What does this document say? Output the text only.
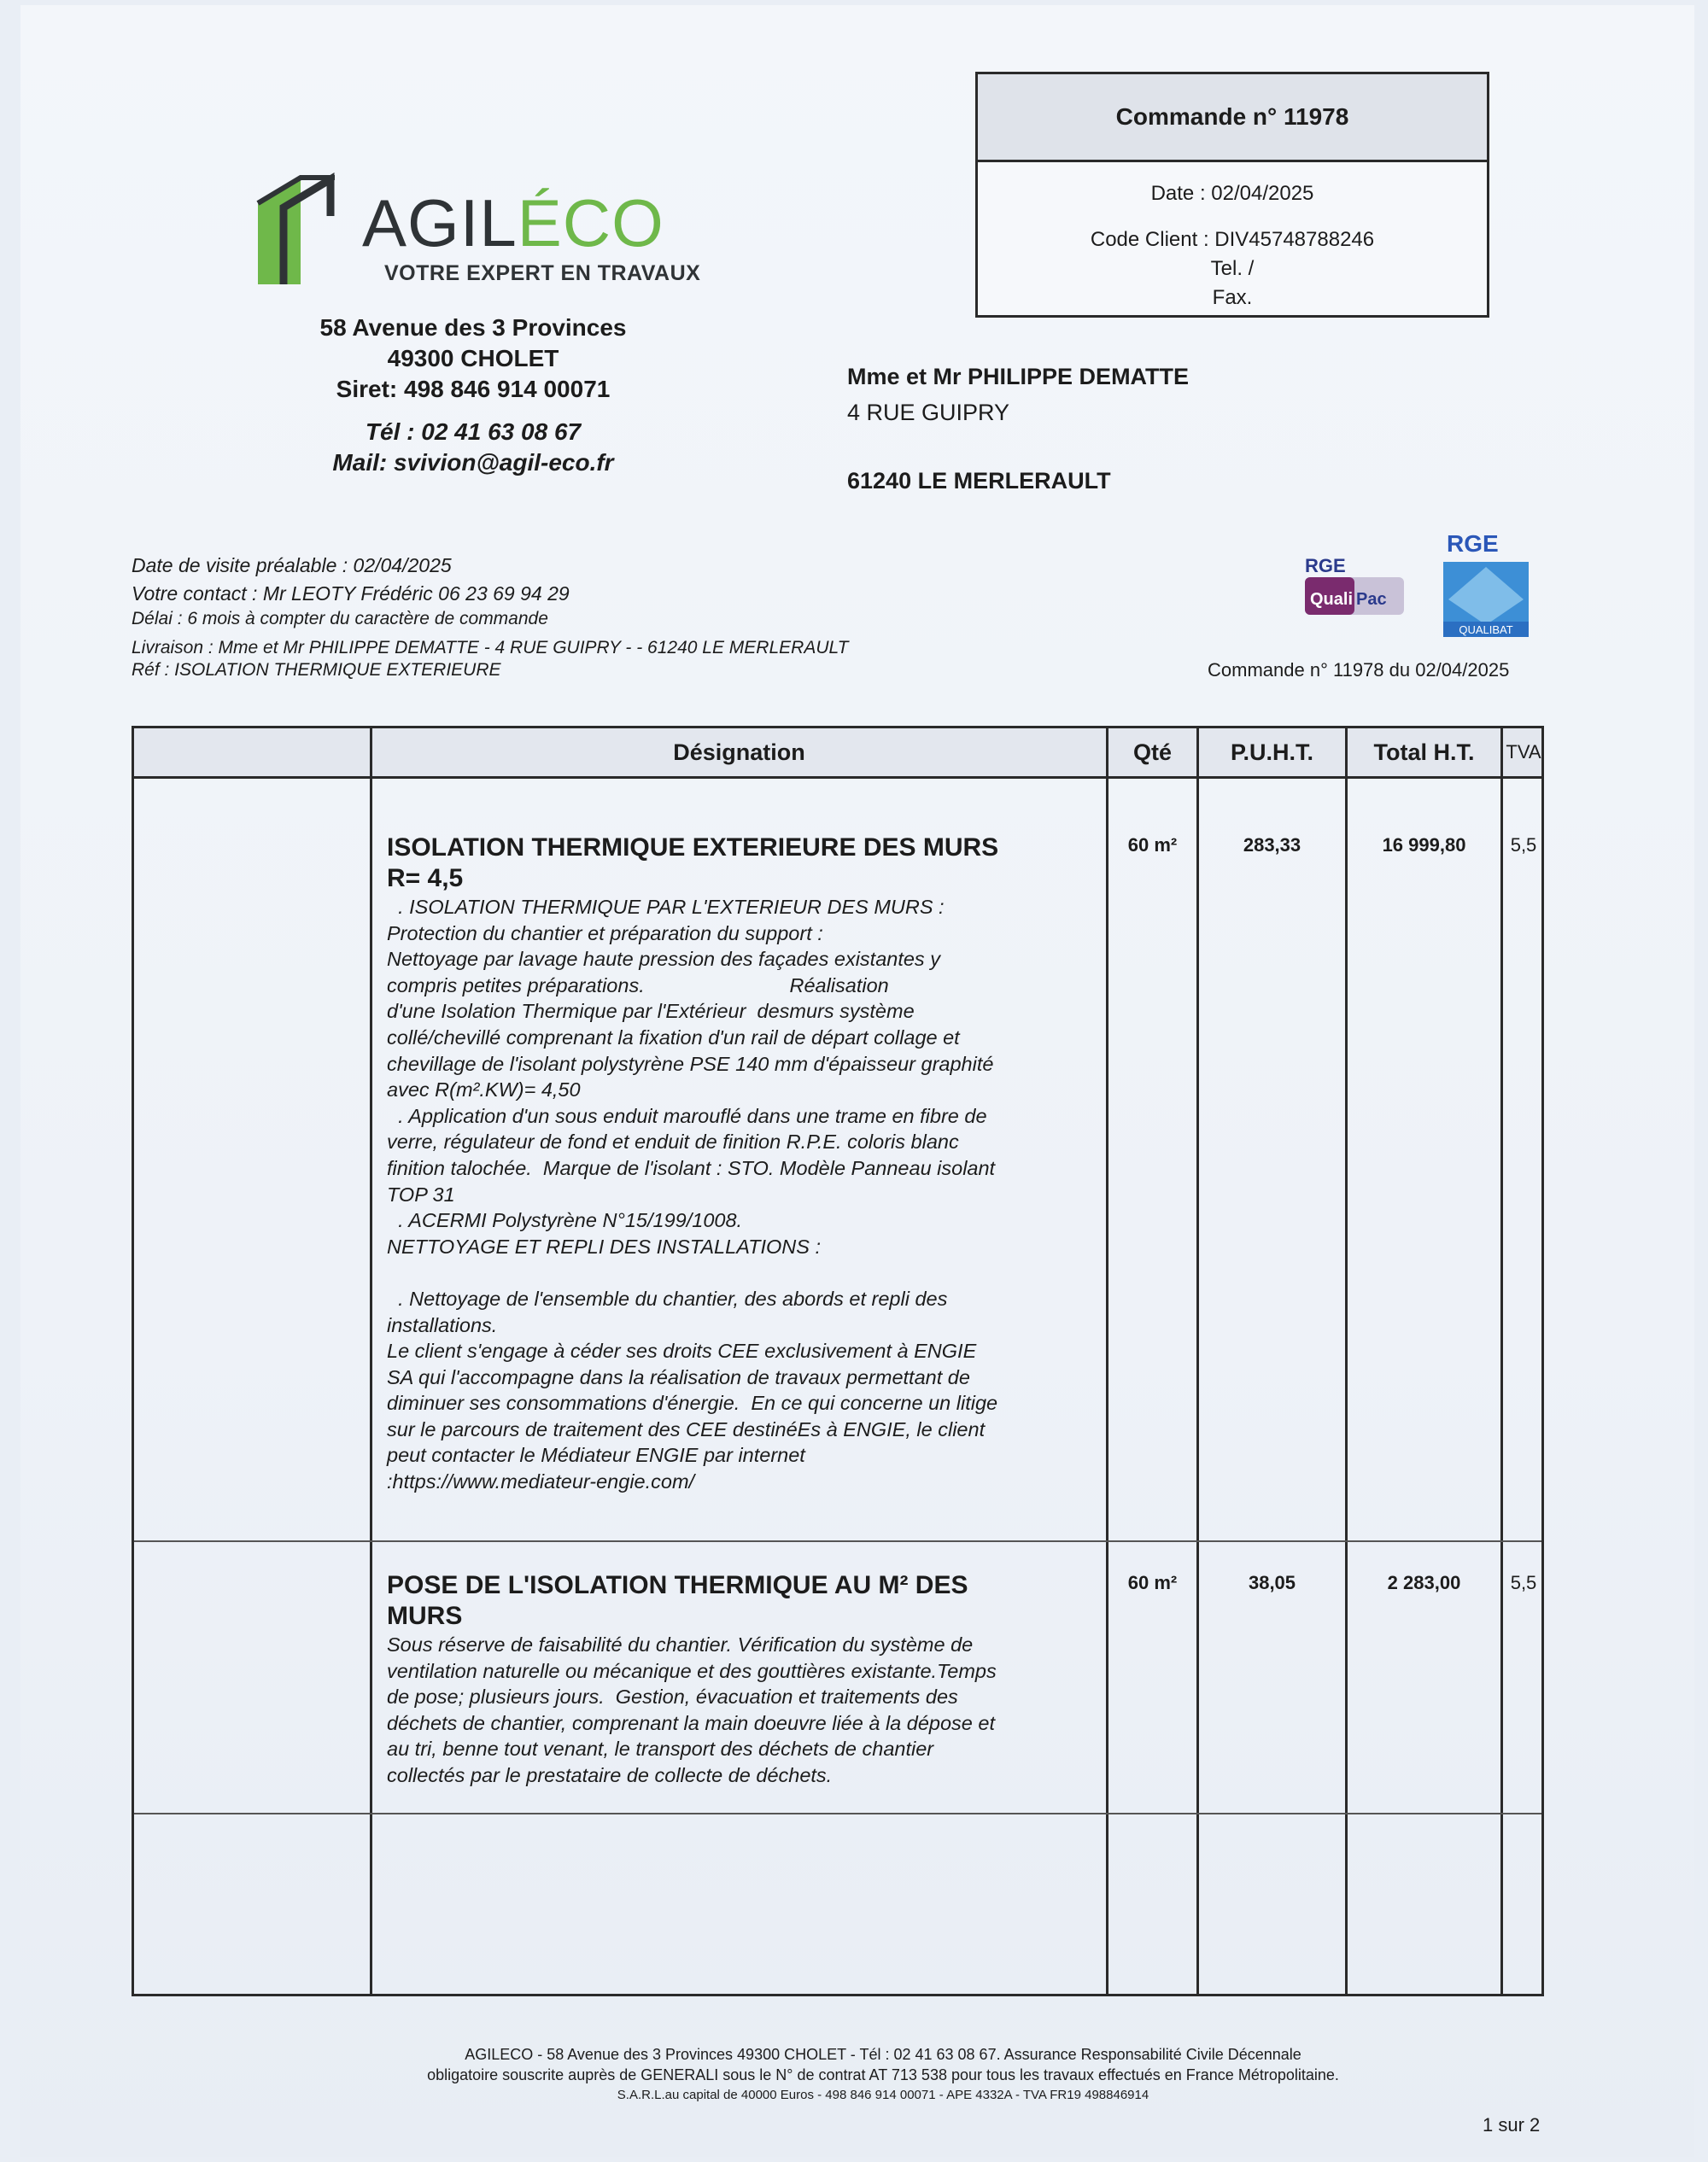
AGILÉCO
VOTRE EXPERT EN TRAVAUX
58 Avenue des 3 Provinces
49300 CHOLET
Siret: 498 846 914 00071
Tél : 02 41 63 08 67
Mail: svivion@agil-eco.fr
Commande n° 11978
Date : 02/04/2025
Code Client : DIV45748788246
Tel. /
Fax.
Mme et Mr PHILIPPE DEMATTE
4 RUE GUIPRY
61240 LE MERLERAULT
Date de visite préalable : 02/04/2025
Votre contact : Mr LEOTY Frédéric 06 23 69 94 29
Délai : 6 mois à compter du caractère de commande
Livraison : Mme et Mr PHILIPPE DEMATTE - 4 RUE GUIPRY - - 61240 LE MERLERAULT
Réf : ISOLATION THERMIQUE EXTERIEURE
RGE
Quali Pac
RGE
QUALIBAT
Commande n° 11978 du 02/04/2025
Désignation	Qté	P.U.H.T.	Total H.T.	TVA
ISOLATION THERMIQUE EXTERIEURE DES MURS
R= 4,5
. ISOLATION THERMIQUE PAR L'EXTERIEUR DES MURS :
Protection du chantier et préparation du support :
Nettoyage par lavage haute pression des façades existantes y
compris petites préparations.                          Réalisation
d'une Isolation Thermique par l'Extérieur  desmurs système
collé/chevillé comprenant la fixation d'un rail de départ collage et
chevillage de l'isolant polystyrène PSE 140 mm d'épaisseur graphité
avec R(m².KW)= 4,50
. Application d'un sous enduit marouflé dans une trame en fibre de
verre, régulateur de fond et enduit de finition R.P.E. coloris blanc
finition talochée.  Marque de l'isolant : STO. Modèle Panneau isolant
TOP 31
. ACERMI Polystyrène N°15/199/1008.
NETTOYAGE ET REPLI DES INSTALLATIONS :

. Nettoyage de l'ensemble du chantier, des abords et repli des
installations.
Le client s'engage à céder ses droits CEE exclusivement à ENGIE
SA qui l'accompagne dans la réalisation de travaux permettant de
diminuer ses consommations d'énergie.  En ce qui concerne un litige
sur le parcours de traitement des CEE destinéEs à ENGIE, le client
peut contacter le Médiateur ENGIE par internet
:https://www.mediateur-engie.com/
60 m²	283,33	16 999,80	5,5
POSE DE L'ISOLATION THERMIQUE AU M² DES
MURS
Sous réserve de faisabilité du chantier. Vérification du système de
ventilation naturelle ou mécanique et des gouttières existante.Temps
de pose; plusieurs jours.  Gestion, évacuation et traitements des
déchets de chantier, comprenant la main doeuvre liée à la dépose et
au tri, benne tout venant, le transport des déchets de chantier
collectés par le prestataire de collecte de déchets.
60 m²	38,05	2 283,00	5,5
AGILECO - 58 Avenue des 3 Provinces 49300 CHOLET - Tél : 02 41 63 08 67. Assurance Responsabilité Civile Décennale
obligatoire souscrite auprès de GENERALI sous le N° de contrat AT 713 538 pour tous les travaux effectués en France Métropolitaine.
S.A.R.L.au capital de 40000 Euros - 498 846 914 00071 - APE 4332A - TVA FR19 498846914
1 sur 2
